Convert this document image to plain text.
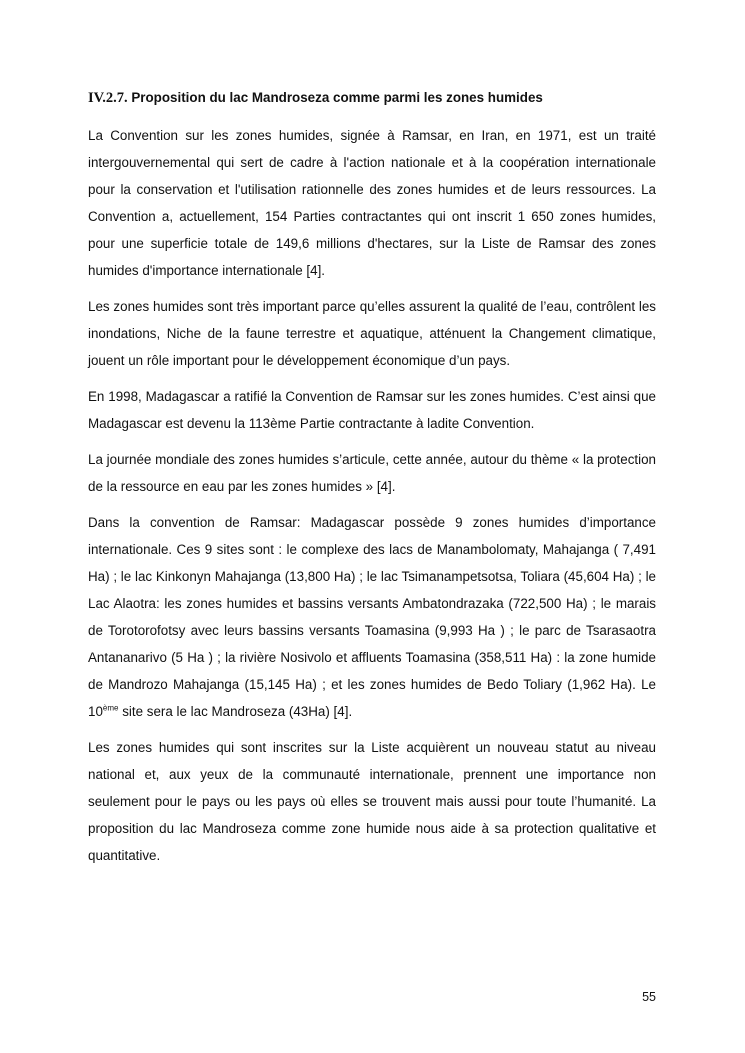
IV.2.7. Proposition du lac Mandroseza comme parmi les zones humides

La Convention sur les zones humides, signée à Ramsar, en Iran, en 1971, est un traité intergouvernemental qui sert de cadre à l'action nationale et à la coopération internationale pour la conservation et l'utilisation rationnelle des zones humides et de leurs ressources. La Convention a, actuellement, 154 Parties contractantes qui ont inscrit 1 650 zones humides, pour une superficie totale de 149,6 millions d'hectares, sur la Liste de Ramsar des zones humides d'importance internationale [4].

Les zones humides sont très important parce qu’elles assurent la qualité de l’eau, contrôlent les inondations, Niche de la faune terrestre et aquatique, atténuent la Changement climatique, jouent un rôle important pour le développement économique d’un pays.

En 1998, Madagascar a ratifié la Convention de Ramsar sur les zones humides. C’est ainsi que Madagascar est devenu la 113ème Partie contractante à ladite Convention.

La journée mondiale des zones humides s’articule, cette année, autour du thème « la protection de la ressource en eau par les zones humides » [4].

Dans la convention de Ramsar: Madagascar possède 9 zones humides d’importance internationale. Ces 9 sites sont : le complexe des lacs de Manambolomaty, Mahajanga ( 7,491 Ha) ; le lac Kinkonyn Mahajanga (13,800 Ha) ; le lac Tsimanampetsotsa, Toliara (45,604 Ha) ; le Lac Alaotra: les zones humides et bassins versants Ambatondrazaka (722,500 Ha) ; le marais de Torotorofotsy avec leurs bassins versants Toamasina (9,993 Ha ) ; le parc de Tsarasaotra Antananarivo (5 Ha ) ; la rivière Nosivolo et affluents Toamasina (358,511 Ha) : la zone humide de Mandrozo Mahajanga (15,145 Ha) ; et les zones humides de Bedo Toliary (1,962 Ha). Le 10ème site sera le lac Mandroseza (43Ha) [4].

Les zones humides qui sont inscrites sur la Liste acquièrent un nouveau statut au niveau national et, aux yeux de la communauté internationale, prennent une importance non seulement pour le pays ou les pays où elles se trouvent mais aussi pour toute l’humanité. La proposition du lac Mandroseza comme zone humide nous aide à sa protection qualitative et quantitative.

55
